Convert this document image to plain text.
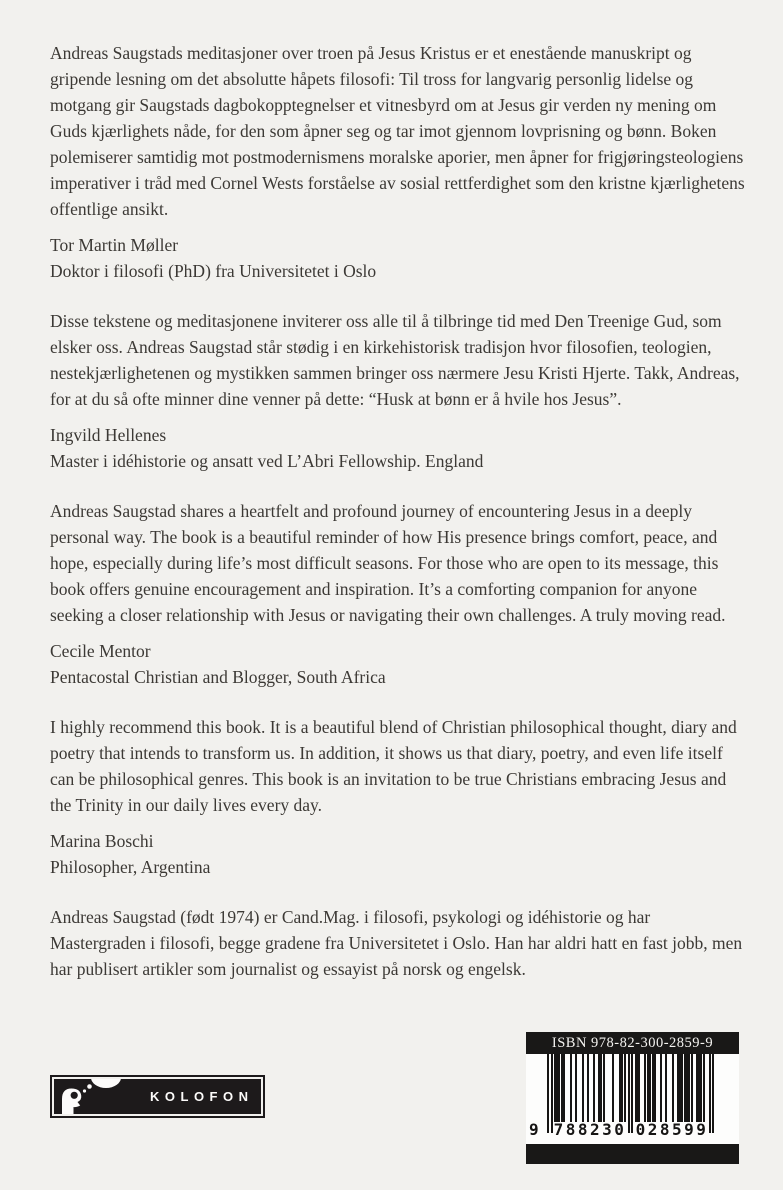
Andreas Saugstads meditasjoner over troen på Jesus Kristus er et enestående manuskript og gripende lesning om det absolutte håpets filosofi: Til tross for langvarig personlig lidelse og motgang gir Saugstads dagbokopptegnelser et vitnesbyrd om at Jesus gir verden ny mening om Guds kjærlighets nåde, for den som åpner seg og tar imot gjennom lovprisning og bønn. Boken polemiserer samtidig mot postmodernismens moralske aporier, men åpner for frigjøringsteologiens imperativer i tråd med Cornel Wests forståelse av sosial rettferdighet som den kristne kjærlighetens offentlige ansikt.

Tor Martin Møller
Doktor i filosofi (PhD) fra Universitetet i Oslo

Disse tekstene og meditasjonene inviterer oss alle til å tilbringe tid med Den Treenige Gud, som elsker oss. Andreas Saugstad står stødig i en kirkehistorisk tradisjon hvor filosofien, teologien, nestekjærlighetenen og mystikken sammen bringer oss nærmere Jesu Kristi Hjerte. Takk, Andreas, for at du så ofte minner dine venner på dette: “Husk at bønn er å hvile hos Jesus”.

Ingvild Hellenes
Master i idéhistorie og ansatt ved L’Abri Fellowship. England

Andreas Saugstad shares a heartfelt and profound journey of encountering Jesus in a deeply personal way. The book is a beautiful reminder of how His presence brings comfort, peace, and hope, especially during life’s most difficult seasons. For those who are open to its message, this book offers genuine encouragement and inspiration. It’s a comforting companion for anyone seeking a closer relationship with Jesus or navigating their own challenges. A truly moving read.

Cecile Mentor
Pentacostal Christian and Blogger, South Africa

I highly recommend this book. It is a beautiful blend of Christian philosophical thought, diary and poetry that intends to transform us. In addition, it shows us that diary, poetry, and even life itself can be philosophical genres. This book is an invitation to be true Christians embracing Jesus and the Trinity in our daily lives every day.

Marina Boschi
Philosopher, Argentina

Andreas Saugstad (født 1974) er Cand.Mag. i filosofi, psykologi og idéhistorie og har Mastergraden i filosofi, begge gradene fra Universitetet i Oslo. Han har aldri hatt en fast jobb, men har publisert artikler som journalist og essayist på norsk og engelsk.

KOLOFON
ISBN 978-82-300-2859-9
9 788230 028599
